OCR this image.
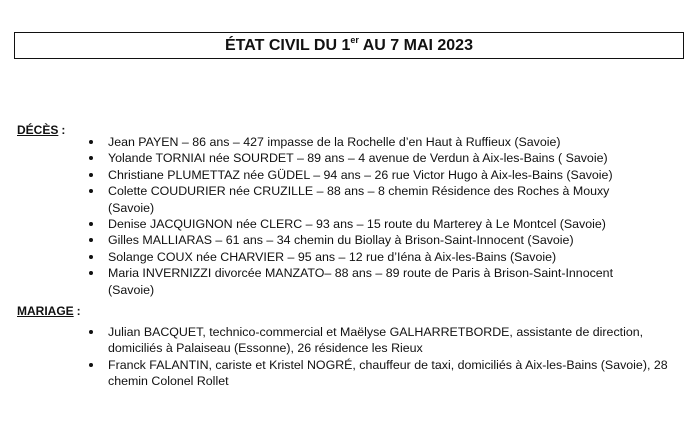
ÉTAT CIVIL DU 1er AU 7 MAI 2023
DÉCÈS :
Jean PAYEN – 86 ans – 427 impasse de la Rochelle d’en Haut à Ruffieux (Savoie)
Yolande TORNIAI née SOURDET – 89 ans – 4 avenue de Verdun à Aix-les-Bains ( Savoie)
Christiane PLUMETTAZ née GÜDEL – 94 ans – 26 rue Victor Hugo à Aix-les-Bains (Savoie)
Colette COUDURIER née CRUZILLE – 88 ans – 8 chemin Résidence des Roches à Mouxy (Savoie)
Denise JACQUIGNON née CLERC – 93 ans – 15 route du Marterey à Le Montcel (Savoie)
Gilles MALLIARAS – 61 ans – 34 chemin du Biollay à Brison-Saint-Innocent (Savoie)
Solange COUX née CHARVIER – 95 ans – 12 rue d’Iéna à Aix-les-Bains (Savoie)
Maria INVERNIZZI divorcée MANZATO– 88 ans – 89 route de Paris à Brison-Saint-Innocent (Savoie)
MARIAGE :
Julian BACQUET, technico-commercial et Maëlyse GALHARRETBORDE, assistante de direction, domiciliés à Palaiseau (Essonne), 26 résidence les Rieux
Franck FALANTIN, cariste et Kristel NOGRÉ, chauffeur de taxi, domiciliés à Aix-les-Bains (Savoie), 28 chemin Colonel Rollet
